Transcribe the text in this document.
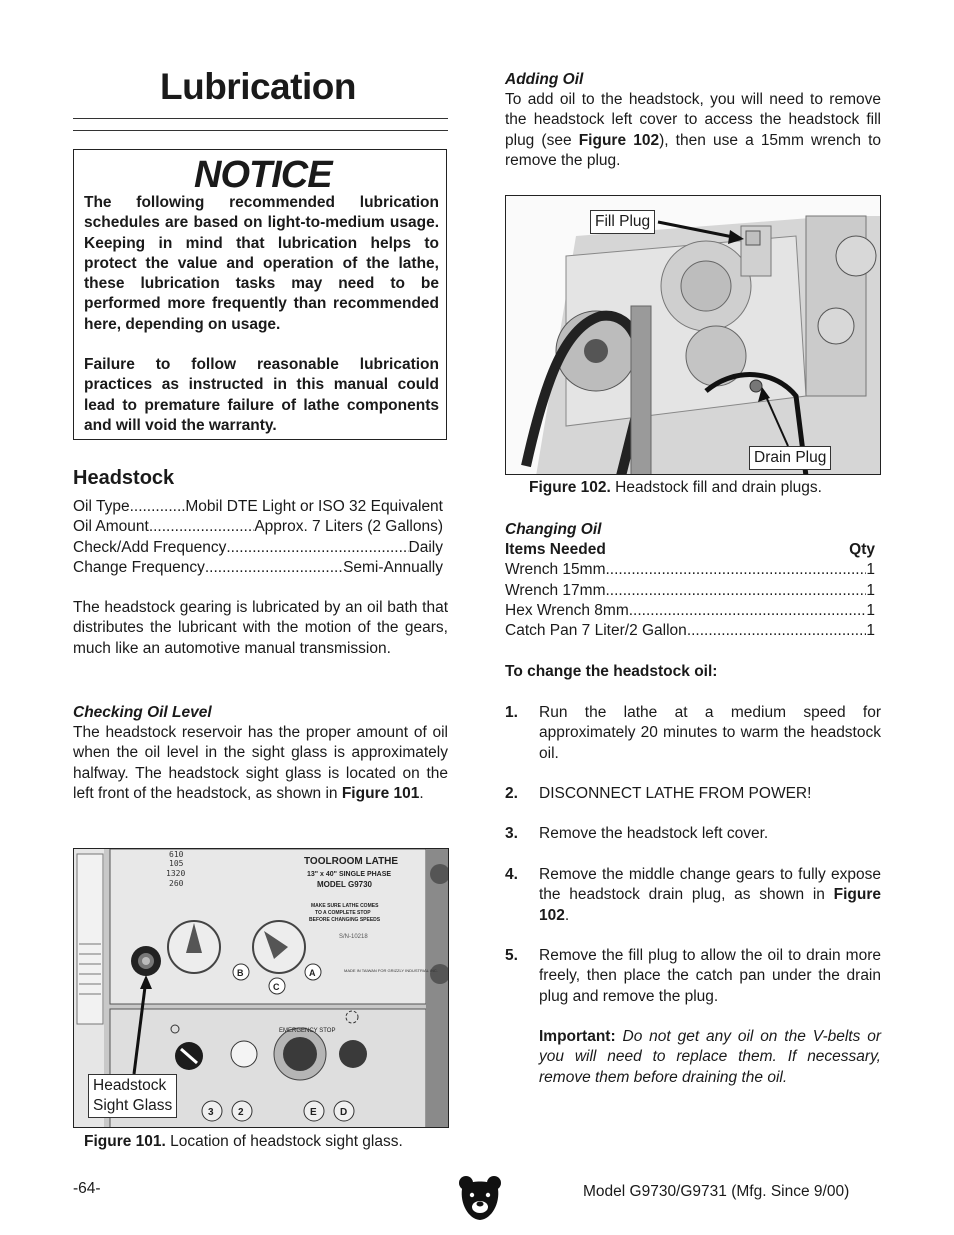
Lubrication
NOTICE

The following recommended lubrication schedules are based on light-to-medium usage. Keeping in mind that lubrication helps to protect the value and operation of the lathe, these lubrication tasks may need to be performed more frequently than recommended here, depending on usage.

Failure to follow reasonable lubrication practices as instructed in this manual could lead to premature failure of lathe components and will void the warranty.

Headstock
Oil Type .....	Mobil DTE Light or ISO 32 Equivalent
Oil Amount .....	Approx. 7 Liters (2 Gallons)
Check/Add Frequency .....	Daily
Change Frequency .....	Semi-Annually
The headstock gearing is lubricated by an oil bath that distributes the lubricant with the motion of the gears, much like an automotive manual transmission.
Checking Oil Level
The headstock reservoir has the proper amount of oil when the oil level in the sight glass is approximately halfway. The headstock sight glass is located on the left front of the headstock, as shown in Figure 101.
610
105
1320
260
TOOLROOM LATHE
13" x 40" SINGLE PHASE
MODEL G9730
MAKE SURE LATHE COMES
TO A COMPLETE STOP
BEFORE CHANGING SPEEDS
S/N-10218
MADE IN TAIWAN FOR GRIZZLY INDUSTRIAL INC.
B
C
A
EMERGENCY STOP
3 2	E D
Headstock
Sight Glass
Figure 101. Location of headstock sight glass.
Adding Oil
To add oil to the headstock, you will need to remove the headstock left cover to access the headstock fill plug (see Figure 102), then use a 15mm wrench to remove the plug.
Fill Plug
Drain Plug
Figure 102. Headstock fill and drain plugs.
Changing Oil
Items Needed	Qty
Wrench 15mm .....	1
Wrench 17mm .....	1
Hex Wrench 8mm .....	1
Catch Pan 7 Liter/2 Gallon .....	1
To change the headstock oil:
1. Run the lathe at a medium speed for approximately 20 minutes to warm the headstock oil.
2. DISCONNECT LATHE FROM POWER!
3. Remove the headstock left cover.
4. Remove the middle change gears to fully expose the headstock drain plug, as shown in Figure 102.
5. Remove the fill plug to allow the oil to drain more freely, then place the catch pan under the drain plug and remove the plug.
Important: Do not get any oil on the V-belts or you will need to replace them. If necessary, remove them before draining the oil.
-64-	Model G9730/G9731 (Mfg. Since 9/00)
